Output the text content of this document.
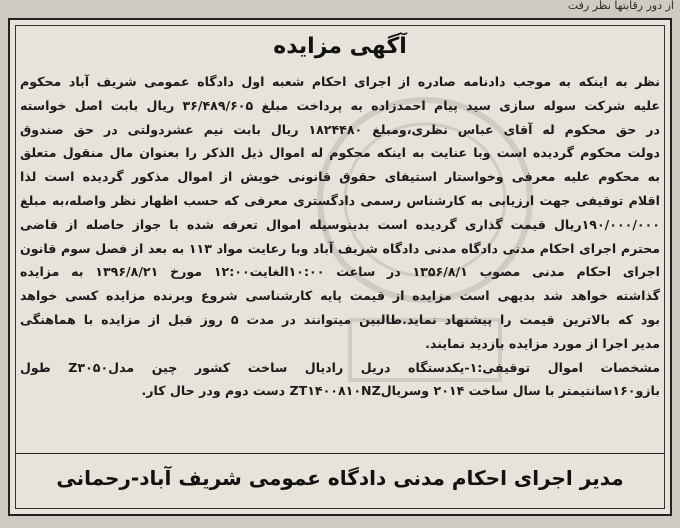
از دور رقابتها نظر رفت
آگهی مزایده
نظر به اینکه به موجب دادنامه صادره از اجرای احکام شعبه اول دادگاه عمومی شریف آباد محکوم
علیه شرکت سوله سازی سید پیام احمدزاده به پرداخت مبلغ ۳۶/۴۸۹/۶۰۵ ریال بابت اصل خواسته
در حق محکوم له آقای عباس نظری،ومبلغ ۱۸۲۴۴۸۰ ریال بابت نیم عشردولتی در حق صندوق
دولت محکوم گردیده است وبا عنایت به اینکه محکوم له اموال ذیل الذکر را بعنوان مال منقول متعلق
به محکوم علیه معرفی وخواستار استیفای حقوق قانونی خویش از اموال مذکور گردیده است لذا
اقلام توقیفی جهت ارزیابی به کارشناس رسمی دادگستری معرفی که حسب اظهار نظر واصله،به مبلغ
۱۹۰/۰۰۰/۰۰۰ریال قیمت گذاری گردیده است بدینوسیله اموال تعرفه شده با جواز حاصله از قاضی
محترم اجرای احکام مدنی دادگاه مدنی دادگاه شریف آباد وبا رعایت مواد ۱۱۳ به بعد از فصل سوم قانون
اجرای احکام مدنی مصوب ۱۳۵۶/۸/۱ در ساعت ۱۰:۰۰الغایت۱۲:۰۰ مورخ ۱۳۹۶/۸/۲۱ به مزایده
گذاشته خواهد شد بدیهی است مزایده از قیمت پایه کارشناسی شروع وبرنده مزایده کسی خواهد
بود که بالاترین قیمت را پیشنهاد نماید.طالبین میتوانند در مدت ۵ روز قبل از مزایده با هماهنگی
مدیر اجرا از مورد مزایده بازدید نمایند.
مشخصات اموال توقیفی:۱-یکدستگاه دریل رادیال ساخت کشور چین مدلZ۳۰۵۰ طول
بازو۱۶۰سانتیمتر با سال ساخت ۲۰۱۴ وسریالZT۱۴۰۰۸۱۰NZ دست دوم ودر حال کار.
مدیر اجرای احکام مدنی دادگاه عمومی شریف آباد-رحمانی
